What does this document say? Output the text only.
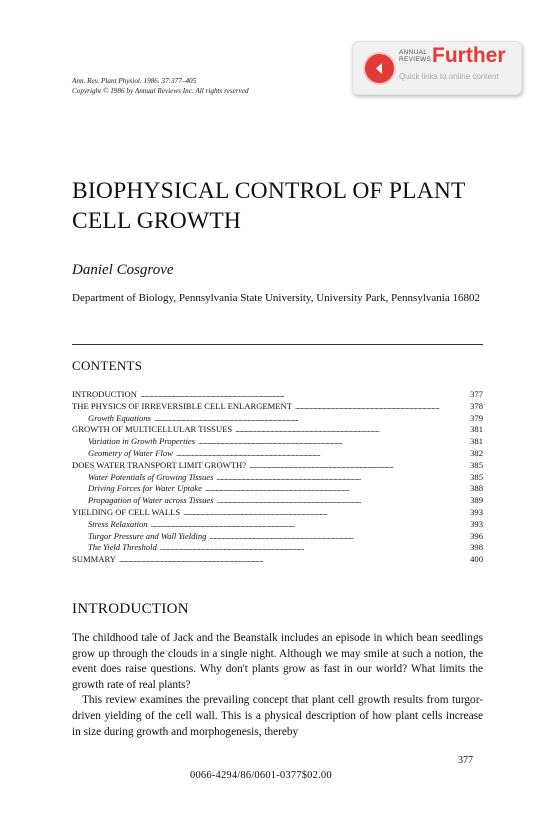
Ann. Rev. Plant Physiol. 1986. 37:377–405
Copyright © 1986 by Annual Reviews Inc. All rights reserved
ANNUAL
REVIEWS Further
Quick links to online content
BIOPHYSICAL CONTROL OF PLANT
CELL GROWTH
Daniel Cosgrove
Department of Biology, Pennsylvania State University, University Park, Pennsylvania 16802
CONTENTS
INTRODUCTION . . .	377
THE PHYSICS OF IRREVERSIBLE CELL ENLARGEMENT . . .	378
Growth Equations . . .	379
GROWTH OF MULTICELLULAR TISSUES . . .	381
Variation in Growth Properties . . .	381
Geometry of Water Flow . . .	382
DOES WATER TRANSPORT LIMIT GROWTH? . . .	385
Water Potentials of Growing Tissues . . .	385
Driving Forces for Water Uptake . . .	388
Propagation of Water across Tissues . . .	389
YIELDING OF CELL WALLS . . .	393
Stress Relaxation . . .	393
Turgor Pressure and Wall Yielding . . .	396
The Yield Threshold . . .	398
SUMMARY . . .	400
INTRODUCTION

The childhood tale of Jack and the Beanstalk includes an episode in which bean seedlings grow up through the clouds in a single night. Although we may smile at such a notion, the event does raise questions. Why don't plants grow as fast in our world? What limits the growth rate of real plants?

This review examines the prevailing concept that plant cell growth results from turgor-driven yielding of the cell wall. This is a physical description of how plant cells increase in size during growth and morphogenesis, thereby

377
0066-4294/86/0601-0377$02.00
